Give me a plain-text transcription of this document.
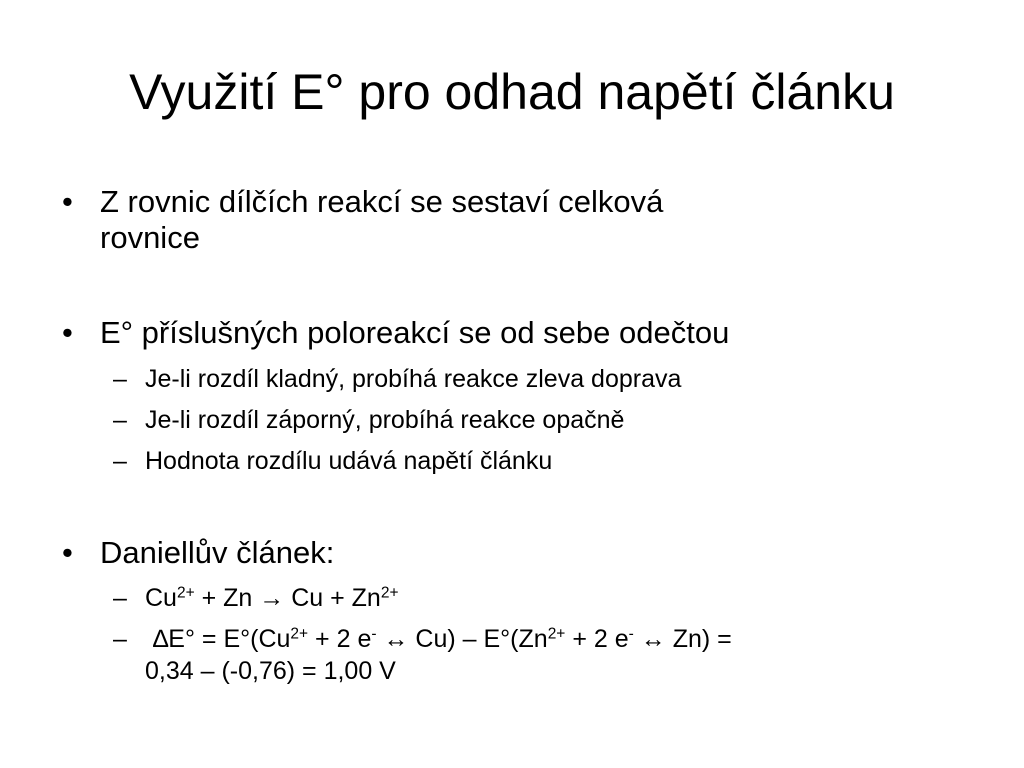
Využití E° pro odhad napětí článku
• Z rovnic dílčích reakcí se sestaví celková
rovnice
• E° příslušných poloreakcí se od sebe odečtou
– Je-li rozdíl kladný, probíhá reakce zleva doprava
– Je-li rozdíl záporný, probíhá reakce opačně
– Hodnota rozdílu udává napětí článku
• Daniellův článek:
– $Cu^{2+} + Zn \to Cu + Zn^{2+}$
– $\Delta E^\circ = E^\circ(Cu^{2+} + 2$ e- ↔ $Cu) - E^\circ(Zn^{2+} + 2$ e- ↔ Zn) =
0,34 – (-0,76) = 1,00 V
